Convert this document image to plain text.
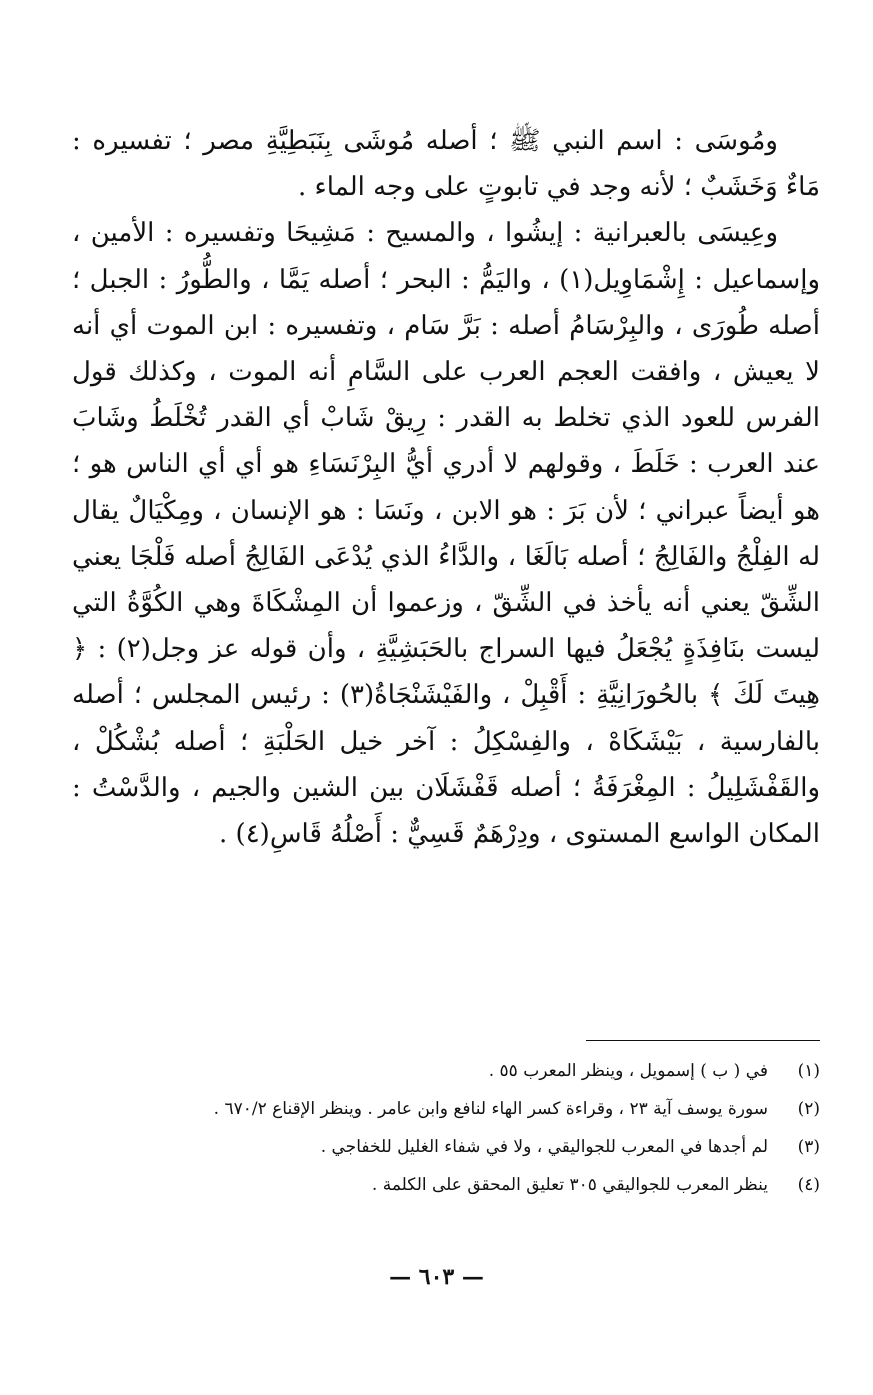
ومُوسَى : اسم النبي ﷺ ؛ أصله مُوشَى بِنَبَطِيَّةِ مصر ؛ تفسيره : مَاءٌ وَخَشَبٌ ؛ لأنه وجد في تابوتٍ على وجه الماء .

وعِيسَى بالعبرانية : إيشُوا ، والمسيح : مَشِيحَا وتفسيره : الأمين ، وإسماعيل : إِشْمَاوِيل(١) ، واليَمُّ : البحر ؛ أصله يَمَّا ، والطُّورُ : الجبل ؛ أصله طُورَى ، والبِرْسَامُ أصله : بَرَّ سَام ، وتفسيره : ابن الموت أي أنه لا يعيش ، وافقت العجم العرب على السَّامِ أنه الموت ، وكذلك قول الفرس للعود الذي تخلط به القدر : رِيقْ شَابْ أي القدر تُخْلَطُ وشَابَ عند العرب : خَلَطَ ، وقولهم لا أدري أيُّ البِرْنَسَاءِ هو أي أي الناس هو ؛ هو أيضاً عبراني ؛ لأن بَرَ : هو الابن ، ونَسَا : هو الإنسان ، ومِكْيَالٌ يقال له الفِلْجُ والفَالِجُ ؛ أصله بَالَغَا ، والدَّاءُ الذي يُدْعَى الفَالِجُ أصله فَلْجَا يعني الشِّقّ يعني أنه يأخذ في الشِّقّ ، وزعموا أن المِشْكَاةَ وهي الكُوَّةُ التي ليست بنَافِذَةٍ يُجْعَلُ فيها السراج بالحَبَشِيَّةِ ، وأن قوله عز وجل(٢) : ﴿ هِيتَ لَكَ ﴾ بالحُورَانِيَّةِ : أَقْبِلْ ، والفَيْشَنْجَاةُ(٣) : رئيس المجلس ؛ أصله بالفارسية ، بَيْشَكَاهْ ، والفِسْكِلُ : آخر خيل الحَلْبَةِ ؛ أصله بُشْكُلْ ، والقَفْشَلِيلُ : المِغْرَفَةُ ؛ أصله قَفْشَلَان بين الشين والجيم ، والدَّسْتُ : المكان الواسع المستوى ، ودِرْهَمٌ قَسِيٌّ : أَصْلُهُ قَاسِ(٤) .

(١)
في ( ب ) إسمويل ، وينظر المعرب ٥٥ .
(٢)
سورة يوسف آية ٢٣ ، وقراءة كسر الهاء لنافع وابن عامر . وينظر الإقناع ٦٧٠/٢ .
(٣)
لم أجدها في المعرب للجواليقي ، ولا في شفاء الغليل للخفاجي .
(٤)
ينظر المعرب للجواليقي ٣٠٥ تعليق المحقق على الكلمة .
— ٦٠٣ —
